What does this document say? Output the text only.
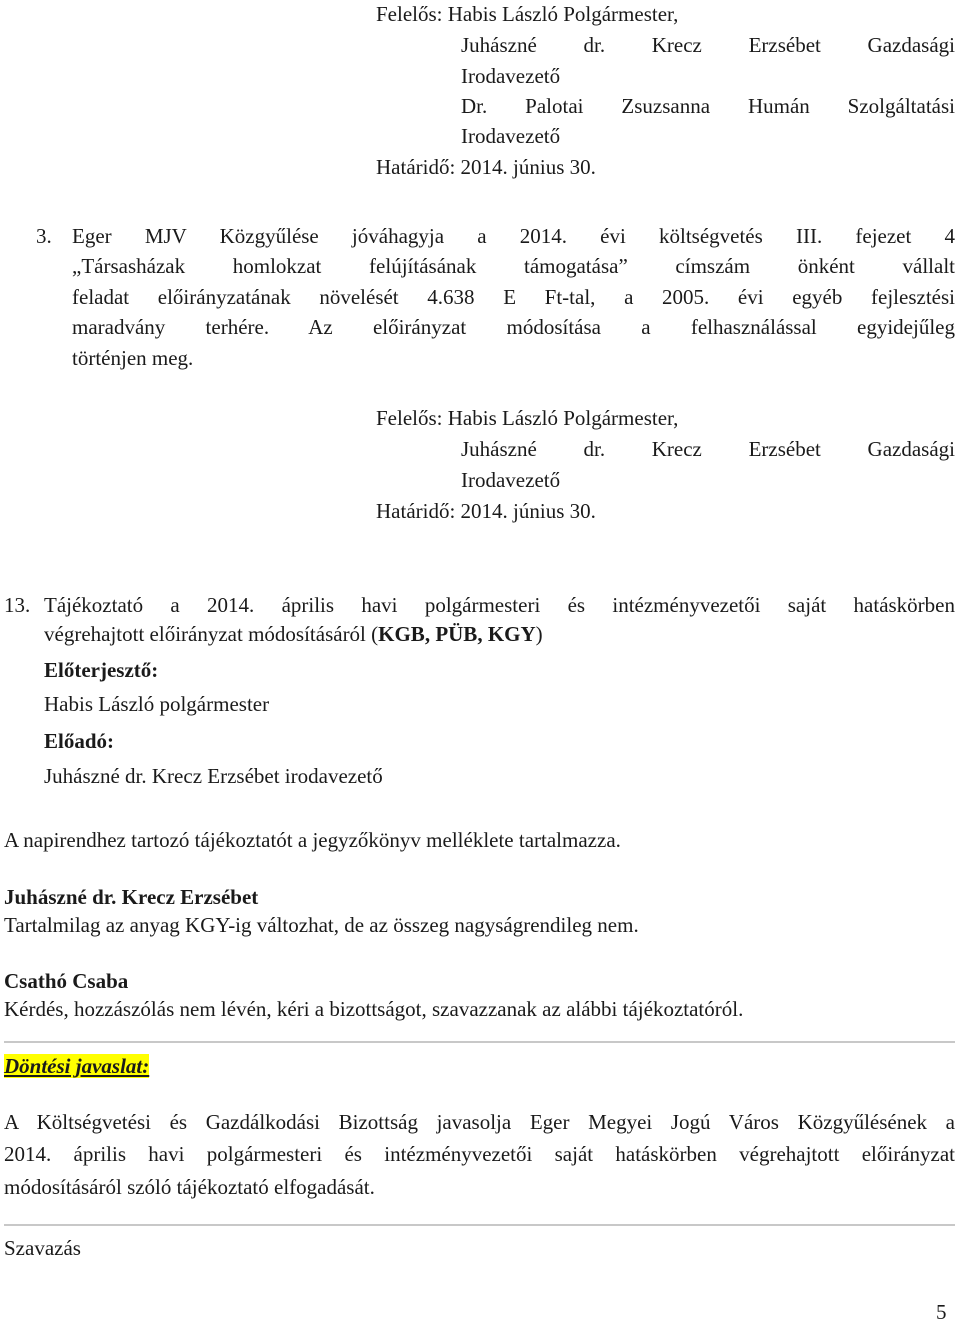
Felelős: Habis László Polgármester,
Juhászné dr. Krecz Erzsébet Gazdasági
Irodavezető
Dr. Palotai Zsuzsanna Humán Szolgáltatási
Irodavezető
Határidő: 2014. június 30.
3. Eger MJV Közgyűlése jóváhagyja a 2014. évi költségvetés III. fejezet 4
„Társasházak homlokzat felújításának támogatása” címszám önként vállalt
feladat előirányzatának növelését 4.638 E Ft-tal, a 2005. évi egyéb fejlesztési
maradvány terhére. Az előirányzat módosítása a felhasználással egyidejűleg
történjen meg.
Felelős: Habis László Polgármester,
Juhászné dr. Krecz Erzsébet Gazdasági
Irodavezető
Határidő: 2014. június 30.
13. Tájékoztató a 2014. április havi polgármesteri és intézményvezetői saját hatáskörben
végrehajtott előirányzat módosításáról (KGB, PÜB, KGY)
Előterjesztő:
Habis László polgármester
Előadó:
Juhászné dr. Krecz Erzsébet irodavezető
A napirendhez tartozó tájékoztatót a jegyzőkönyv melléklete tartalmazza.
Juhászné dr. Krecz Erzsébet
Tartalmilag az anyag KGY-ig változhat, de az összeg nagyságrendileg nem.
Csathó Csaba
Kérdés, hozzászólás nem lévén, kéri a bizottságot, szavazzanak az alábbi tájékoztatóról.
Döntési javaslat:
A Költségvetési és Gazdálkodási Bizottság javasolja Eger Megyei Jogú Város Közgyűlésének a
2014. április havi polgármesteri és intézményvezetői saját hatáskörben végrehajtott előirányzat
módosításáról szóló tájékoztató elfogadását.
Szavazás
5
